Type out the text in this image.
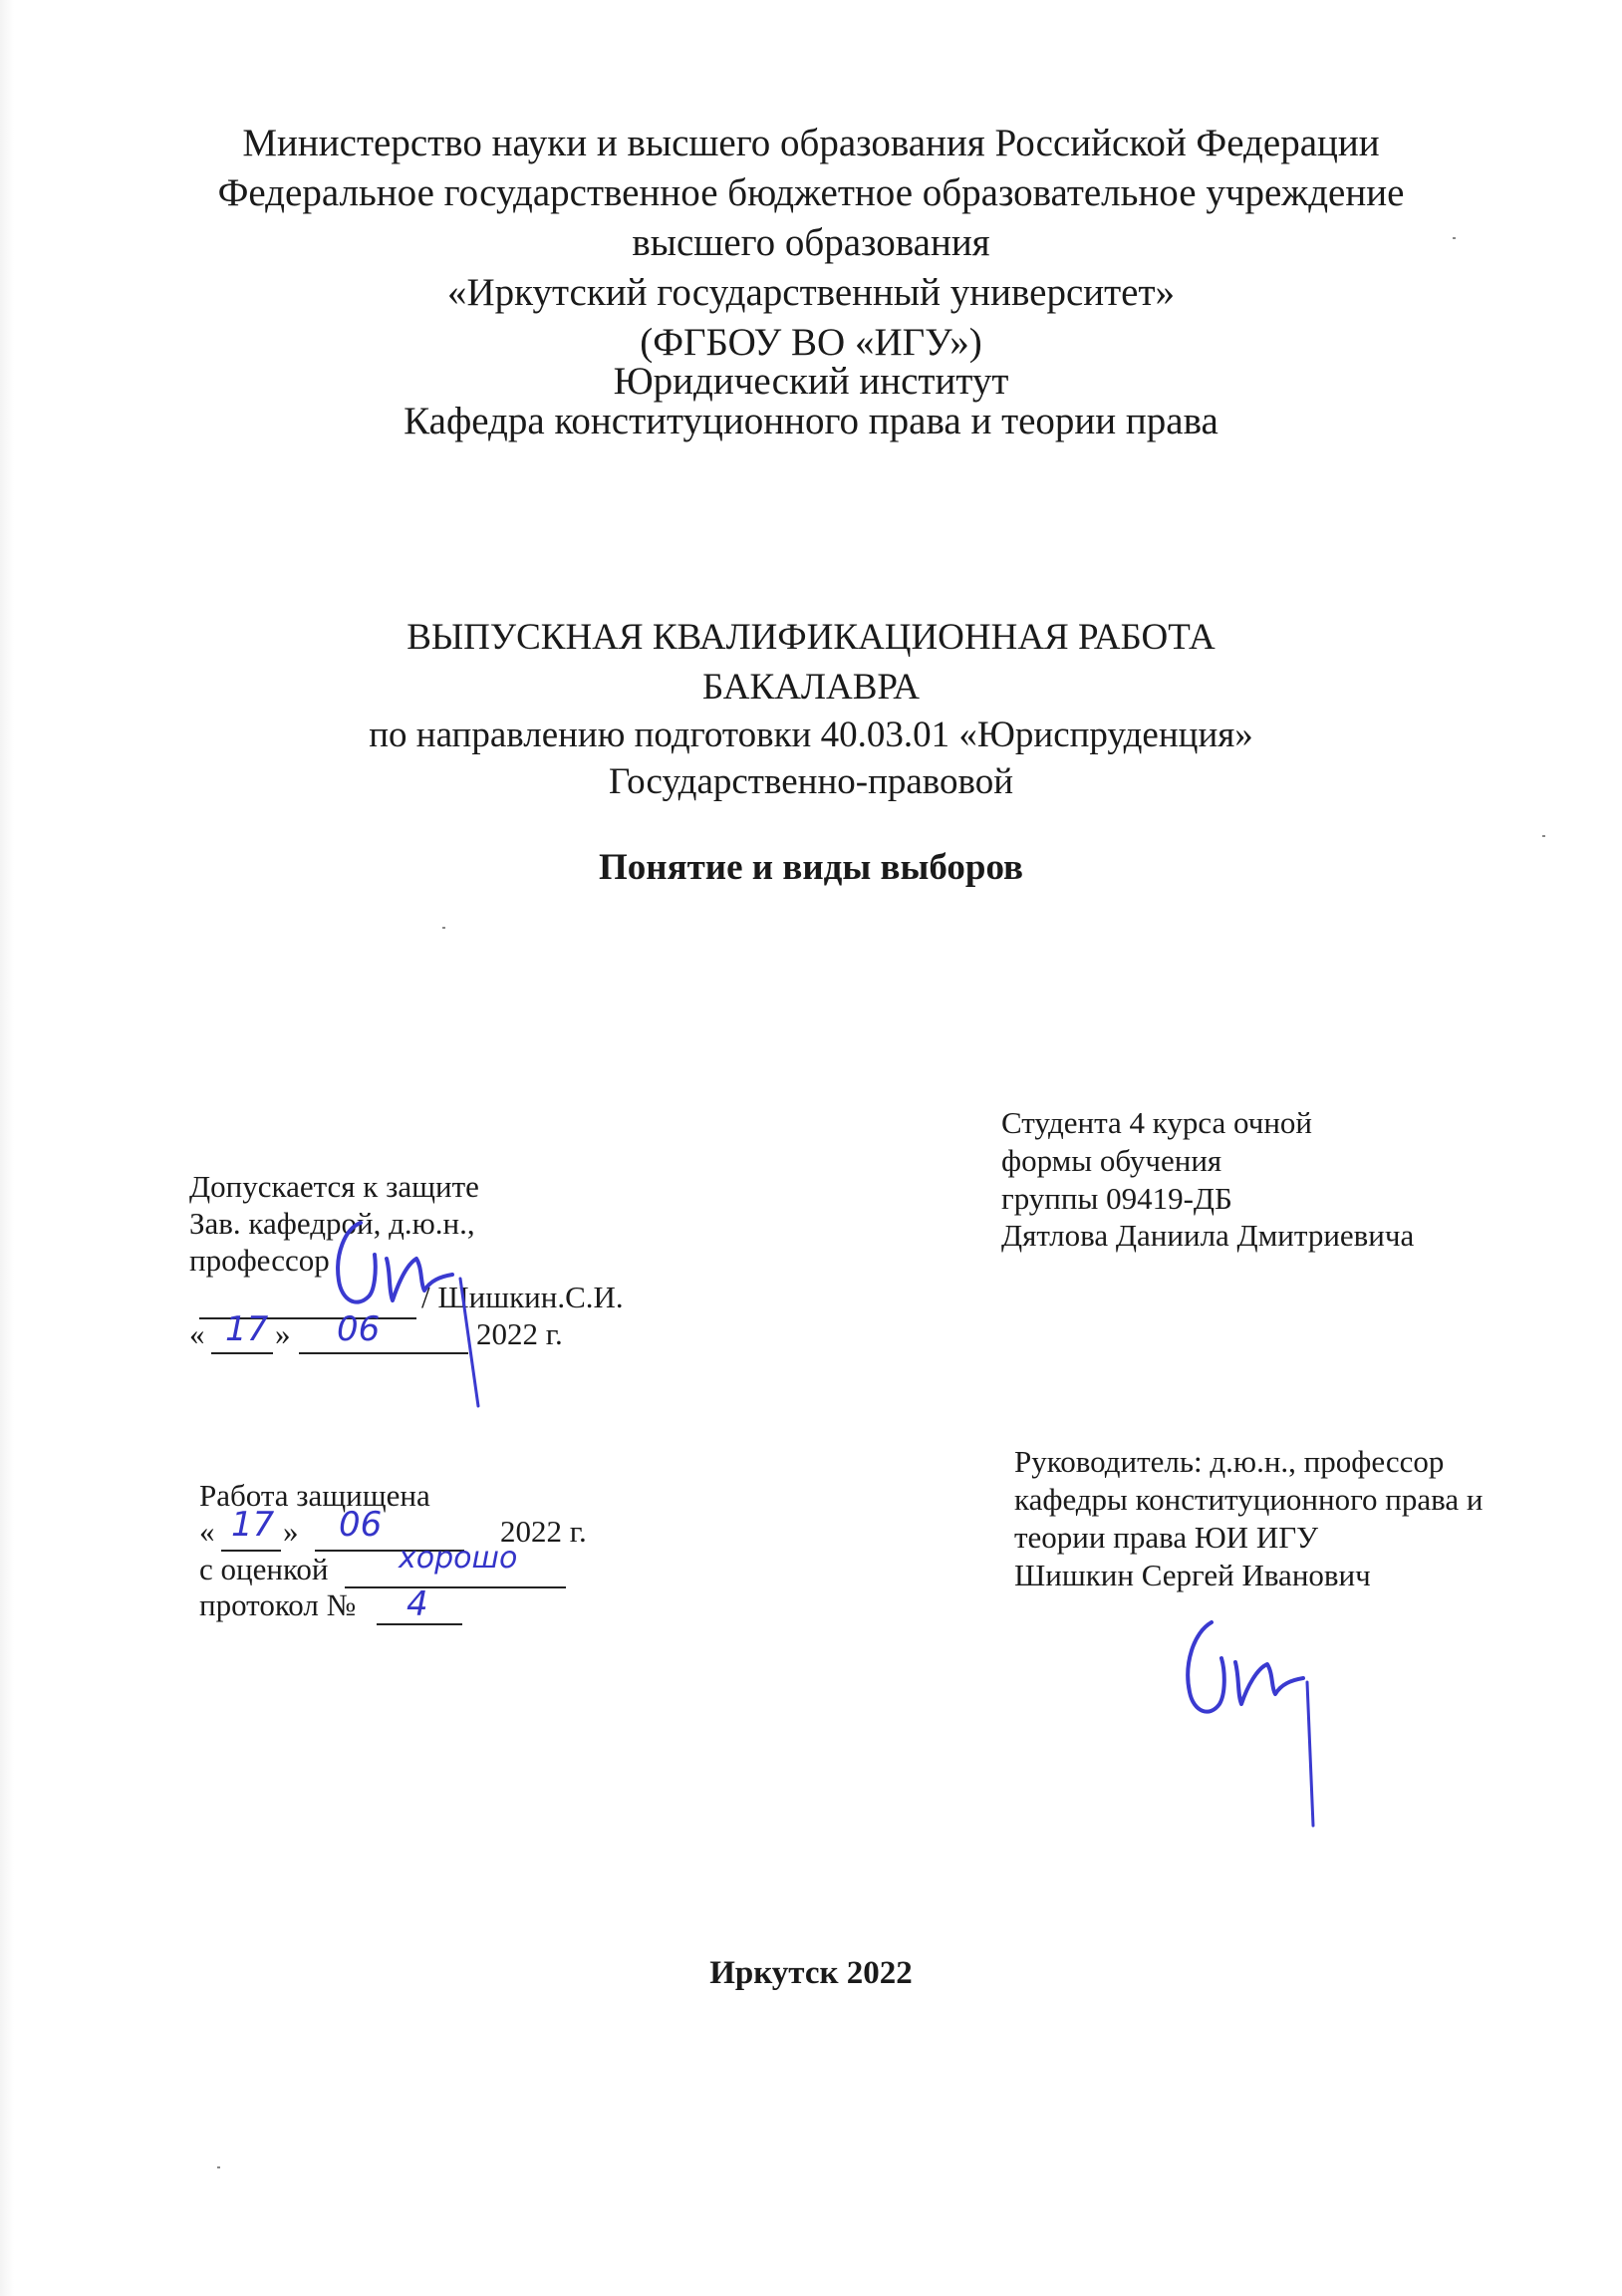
Министерство науки и высшего образования Российской Федерации
Федеральное государственное бюджетное образовательное учреждение
высшего образования
«Иркутский государственный университет»
(ФГБОУ ВО «ИГУ»)
Юридический институт
Кафедра конституционного права и теории права
ВЫПУСКНАЯ КВАЛИФИКАЦИОННАЯ РАБОТА
БАКАЛАВРА
по направлению подготовки 40.03.01 «Юриспруденция»
Государственно-правовой
Понятие и виды выборов
Допускается к защите
Зав. кафедрой, д.ю.н.,
профессор
/ Шишкин.С.И.
« »	2022 г.
17 06
Студента 4 курса очной
формы обучения
группы 09419-ДБ
Дятлова Даниила Дмитриевича
Работа защищена
« »	2022 г.
17 06
с оценкой хорошо
протокол № 4
Руководитель: д.ю.н., профессор
кафедры конституционного права и
теории права ЮИ ИГУ
Шишкин Сергей Иванович
Иркутск 2022
